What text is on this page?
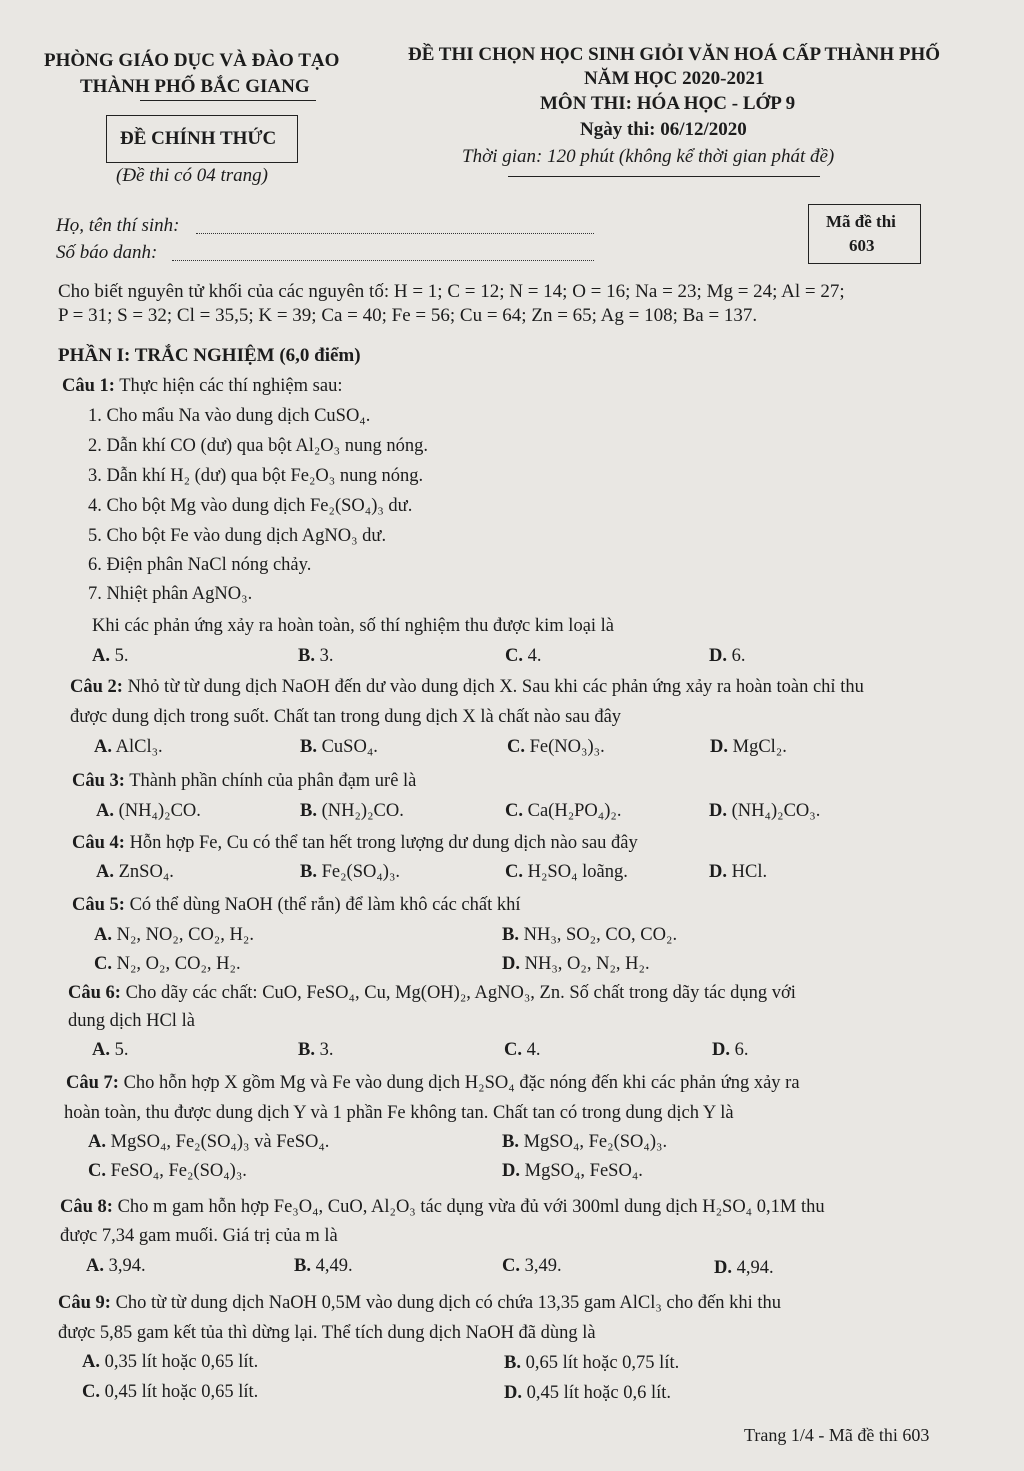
PHÒNG GIÁO DỤC VÀ ĐÀO TẠO
THÀNH PHỐ BẮC GIANG
ĐỀ CHÍNH THỨC
(Đề thi có 04 trang)
ĐỀ THI CHỌN HỌC SINH GIỎI VĂN HOÁ CẤP THÀNH PHỐ
NĂM HỌC 2020-2021
MÔN THI: HÓA HỌC - LỚP 9
Ngày thi: 06/12/2020
Thời gian: 120 phút (không kể thời gian phát đề)
Họ, tên thí sinh:
Số báo danh:
Mã đề thi
603
Cho biết nguyên tử khối của các nguyên tố: H = 1; C = 12; N = 14; O = 16; Na = 23; Mg = 24; Al = 27;
P = 31; S = 32; Cl = 35,5; K = 39; Ca = 40; Fe = 56; Cu = 64; Zn = 65; Ag = 108; Ba = 137.
PHẦN I: TRẮC NGHIỆM (6,0 điểm)
Câu 1: Thực hiện các thí nghiệm sau:
1. Cho mẩu Na vào dung dịch CuSO₄.
2. Dẫn khí CO (dư) qua bột Al₂O₃ nung nóng.
3. Dẫn khí H₂ (dư) qua bột Fe₂O₃ nung nóng.
4. Cho bột Mg vào dung dịch Fe₂(SO₄)₃ dư.
5. Cho bột Fe vào dung dịch AgNO₃ dư.
6. Điện phân NaCl nóng chảy.
7. Nhiệt phân AgNO₃.
Khi các phản ứng xảy ra hoàn toàn, số thí nghiệm thu được kim loại là
A. 5.	B. 3.	C. 4.	D. 6.
Câu 2: Nhỏ từ từ dung dịch NaOH đến dư vào dung dịch X. Sau khi các phản ứng xảy ra hoàn toàn chỉ thu
được dung dịch trong suốt. Chất tan trong dung dịch X là chất nào sau đây
A. AlCl₃.	B. CuSO₄.	C. Fe(NO₃)₃.	D. MgCl₂.
Câu 3: Thành phần chính của phân đạm urê là
A. (NH₄)₂CO.	B. (NH₂)₂CO.	C. Ca(H₂PO₄)₂.	D. (NH₄)₂CO₃.
Câu 4: Hỗn hợp Fe, Cu có thể tan hết trong lượng dư dung dịch nào sau đây
A. ZnSO₄.	B. Fe₂(SO₄)₃.	C. H₂SO₄ loãng.	D. HCl.
Câu 5: Có thể dùng NaOH (thể rắn) để làm khô các chất khí
A. N₂, NO₂, CO₂, H₂.	B. NH₃, SO₂, CO, CO₂.
C. N₂, O₂, CO₂, H₂.	D. NH₃, O₂, N₂, H₂.
Câu 6: Cho dãy các chất: CuO, FeSO₄, Cu, Mg(OH)₂, AgNO₃, Zn. Số chất trong dãy tác dụng với
dung dịch HCl là
A. 5.	B. 3.	C. 4.	D. 6.
Câu 7: Cho hỗn hợp X gồm Mg và Fe vào dung dịch H₂SO₄ đặc nóng đến khi các phản ứng xảy ra
hoàn toàn, thu được dung dịch Y và 1 phần Fe không tan. Chất tan có trong dung dịch Y là
A. MgSO₄, Fe₂(SO₄)₃ và FeSO₄.	B. MgSO₄, Fe₂(SO₄)₃.
C. FeSO₄, Fe₂(SO₄)₃.	D. MgSO₄, FeSO₄.
Câu 8: Cho m gam hỗn hợp Fe₃O₄, CuO, Al₂O₃ tác dụng vừa đủ với 300ml dung dịch H₂SO₄ 0,1M thu
được 7,34 gam muối. Giá trị của m là
A. 3,94.	B. 4,49.	C. 3,49.	D. 4,94.
Câu 9: Cho từ từ dung dịch NaOH 0,5M vào dung dịch có chứa 13,35 gam AlCl₃ cho đến khi thu
được 5,85 gam kết tủa thì dừng lại. Thể tích dung dịch NaOH đã dùng là
A. 0,35 lít hoặc 0,65 lít.	B. 0,65 lít hoặc 0,75 lít.
C. 0,45 lít hoặc 0,65 lít.	D. 0,45 lít hoặc 0,6 lít.
Trang 1/4 - Mã đề thi 603
